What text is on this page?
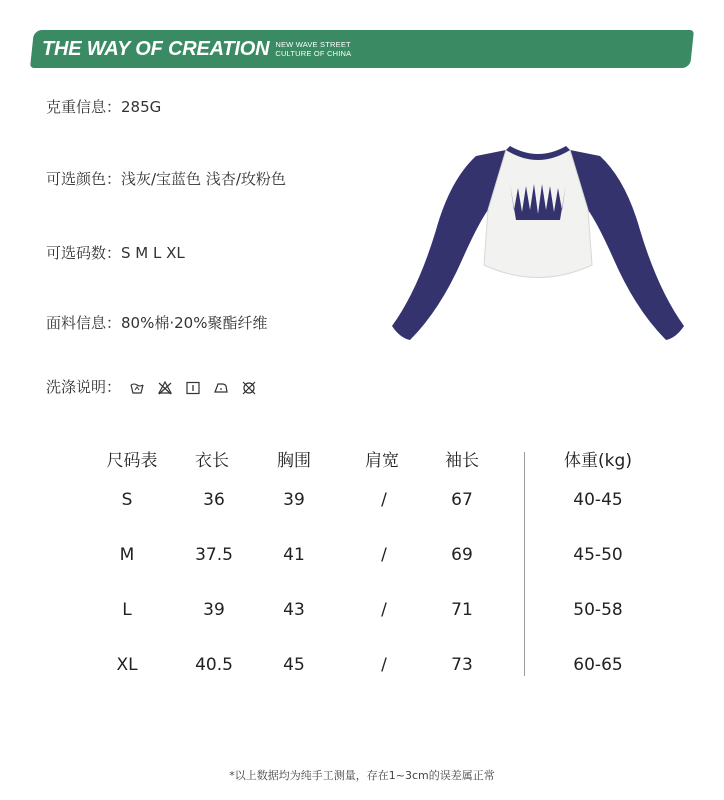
THE WAY OF CREATION NEW WAVE STREET
CULTURE OF CHINA
克重信息：285G
可选颜色：浅灰/宝蓝色 浅杏/玫粉色
可选码数：S M L XL
面料信息：80%棉·20%聚酯纤维
洗涤说明：
尺码表 衣长	胸围	肩宽	袖长	体重(kg)
S	36	39	/	67	40-45
M	37.5	41	/	69	45-50
L	39	43	/	71	50-58
XL	40.5	45	/	73	60-65
*以上数据均为纯手工测量，存在1~3cm的误差属正常
